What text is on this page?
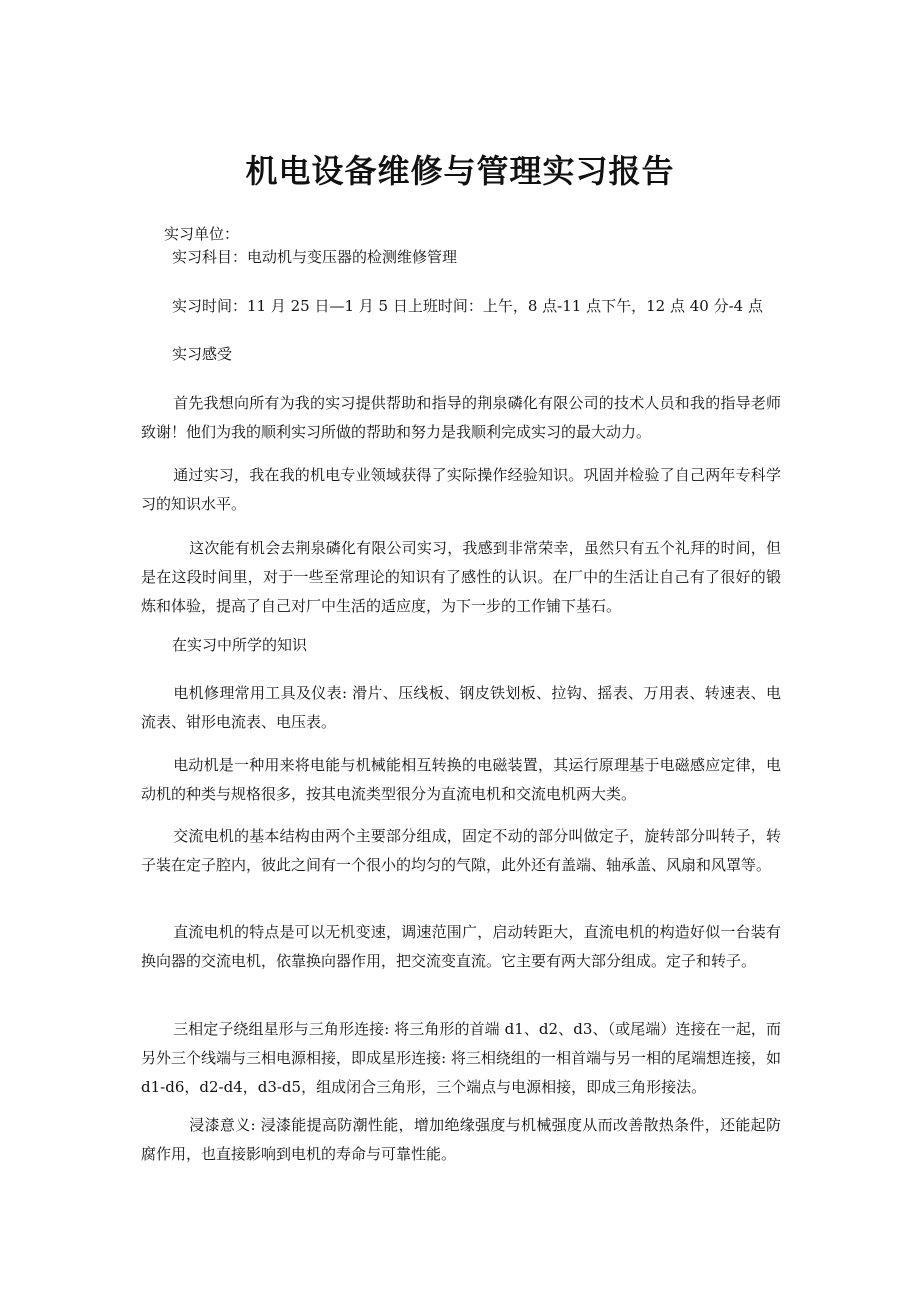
机电设备维修与管理实习报告
实习单位：
实习科目：电动机与变压器的检测维修管理
实习时间：11 月 25 日—1 月 5 日上班时间：上午，8 点-11 点下午，12 点 40 分-4 点
实习感受
首先我想向所有为我的实习提供帮助和指导的荆泉磷化有限公司的技术人员和我的指导老师致谢！他们为我的顺利实习所做的帮助和努力是我顺利完成实习的最大动力。
通过实习，我在我的机电专业领域获得了实际操作经验知识。巩固并检验了自己两年专科学习的知识水平。
这次能有机会去荆泉磷化有限公司实习，我感到非常荣幸，虽然只有五个礼拜的时间，但是在这段时间里，对于一些至常理论的知识有了感性的认识。在厂中的生活让自己有了很好的锻炼和体验，提高了自己对厂中生活的适应度，为下一步的工作铺下基石。
在实习中所学的知识
电机修理常用工具及仪表: 滑片、压线板、钢皮铁划板、拉钩、摇表、万用表、转速表、电流表、钳形电流表、电压表。
电动机是一种用来将电能与机械能相互转换的电磁装置，其运行原理基于电磁感应定律，电动机的种类与规格很多，按其电流类型很分为直流电机和交流电机两大类。
交流电机的基本结构由两个主要部分组成，固定不动的部分叫做定子，旋转部分叫转子，转子装在定子腔内，彼此之间有一个很小的均匀的气隙，此外还有盖端、轴承盖、风扇和风罩等。
直流电机的特点是可以无机变速，调速范围广，启动转距大，直流电机的构造好似一台装有换向器的交流电机，依靠换向器作用，把交流变直流。它主要有两大部分组成。定子和转子。
三相定子绕组星形与三角形连接: 将三角形的首端 d1、d2、d3、（或尾端）连接在一起，而另外三个线端与三相电源相接，即成星形连接: 将三相绕组的一相首端与另一相的尾端想连接，如 d1-d6，d2-d4，d3-d5，组成闭合三角形，三个端点与电源相接，即成三角形接法。
浸漆意义: 浸漆能提高防潮性能，增加绝缘强度与机械强度从而改善散热条件，还能起防腐作用，也直接影响到电机的寿命与可靠性能。
